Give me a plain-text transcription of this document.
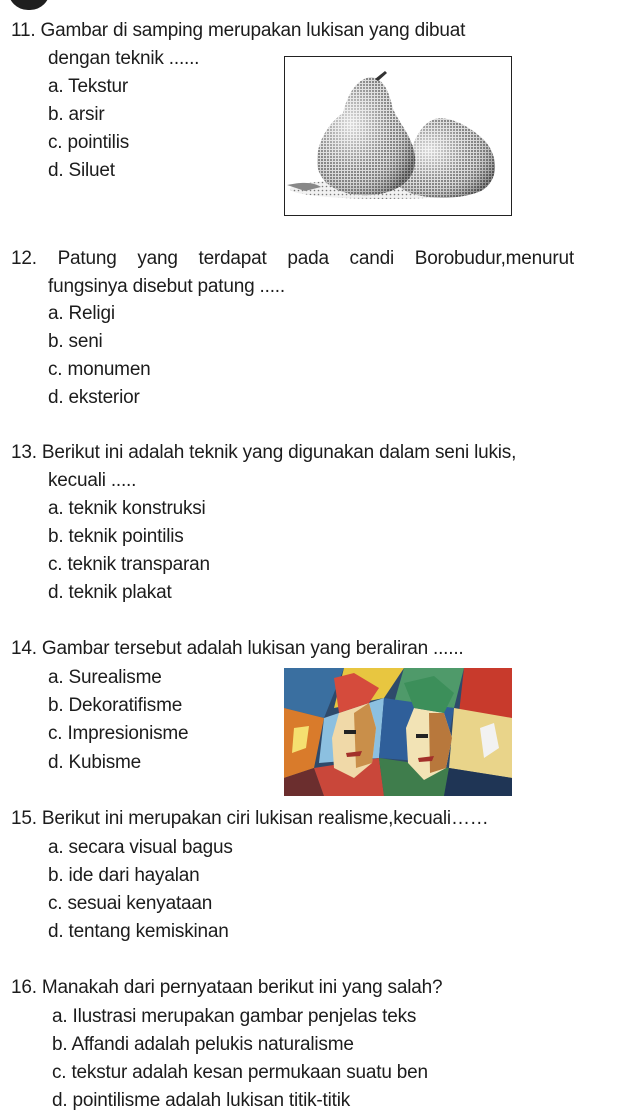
11. Gambar di samping merupakan lukisan yang dibuat
dengan teknik ......
a. Tekstur
b. arsir
c. pointilis
d. Siluet
12. Patung yang terdapat pada candi Borobudur,menurut
fungsinya disebut patung .....
a. Religi
b. seni
c. monumen
d. eksterior
13. Berikut ini adalah teknik yang digunakan dalam seni lukis,
kecuali .....
a. teknik konstruksi
b. teknik pointilis
c. teknik transparan
d. teknik plakat
14. Gambar tersebut adalah lukisan yang beraliran ......
a. Surealisme
b. Dekoratifisme
c. Impresionisme
d. Kubisme
15. Berikut ini merupakan ciri lukisan realisme,kecuali……
a. secara visual bagus
b. ide dari hayalan
c. sesuai kenyataan
d. tentang kemiskinan
16. Manakah dari pernyataan berikut ini yang salah?
a. Ilustrasi merupakan gambar penjelas teks
b. Affandi adalah pelukis naturalisme
c. tekstur adalah kesan permukaan suatu ben
d. pointilisme adalah lukisan titik-titik
